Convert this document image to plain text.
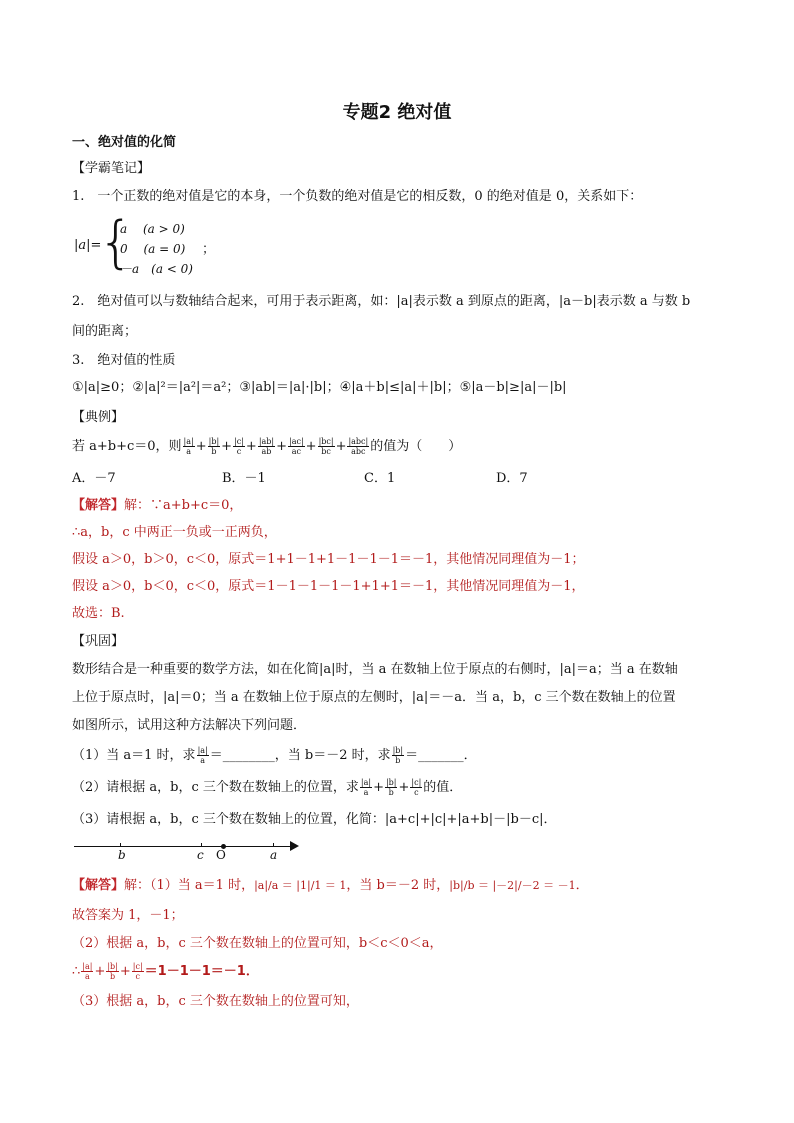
专题2 绝对值
一、绝对值的化简
【学霸笔记】
1.　一个正数的绝对值是它的本身，一个负数的绝对值是它的相反数，0 的绝对值是 0，关系如下：
|a|=
{
a　 (a > 0)
0　 (a = 0)
－a　(a < 0)
；
2.　绝对值可以与数轴结合起来，可用于表示距离，如：|a|表示数 a 到原点的距离，|a－b|表示数 a 与数 b
间的距离；
3.　绝对值的性质
①|a|≥0；②|a|²＝|a²|＝a²；③|ab|＝|a|·|b|；④|a＋b|≤|a|＋|b|；⑤|a－b|≥|a|－|b|
【典例】
若 a+b+c＝0，则 $\frac{|a|}{a} + \frac{|b|}{b} + \frac{|c|}{c} + \frac{|ab|}{ab} + \frac{|ac|}{ac} + \frac{|bc|}{bc} + \frac{\text{|abc|}}{\text{abc}}$ 的值为（　　）
A．－7	B．－1	C．1	D．7
【解答】解：∵a+b+c＝0，
∴a，b，c 中两正一负或一正两负，
假设 a＞0，b＞0，c＜0，原式＝1+1－1+1－1－1－1＝－1，其他情况同理值为－1；
假设 a＞0，b＜0，c＜0，原式＝1－1－1－1－1+1+1＝－1，其他情况同理值为－1，
故选：B.
【巩固】
数形结合是一种重要的数学方法，如在化简|a|时，当 a 在数轴上位于原点的右侧时，|a|＝a；当 a 在数轴
上位于原点时，|a|＝0；当 a 在数轴上位于原点的左侧时，|a|＝－a．当 a，b，c 三个数在数轴上的位置
如图所示，试用这种方法解决下列问题．
（1）当 a＝1 时，求 $\frac{|a|}{a}$ ＝________，当 b＝－2 时，求 $\frac{|b|}{b}$ ＝_______．
（2）请根据 a，b，c 三个数在数轴上的位置，求 $\frac{|a|}{a} + \frac{|b|}{b} + \frac{|c|}{c}$ 的值．
（3）请根据 a，b，c 三个数在数轴上的位置，化简：|a+c|+|c|+|a+b|－|b－c|．
b	c O	a
【解答】解：（1）当 a＝1 时，|a|/a ＝ |1|/1 ＝ 1，当 b＝－2 时，|b|/b ＝ |－2|/－2 ＝ －1．
故答案为 1，－1；
（2）根据 a，b，c 三个数在数轴上的位置可知，b＜c＜0＜a，
∴ $\frac{|a|}{a} + \frac{|b|}{b} + \frac{|c|}{c} =1-1-1=-1$．
（3）根据 a，b，c 三个数在数轴上的位置可知，
